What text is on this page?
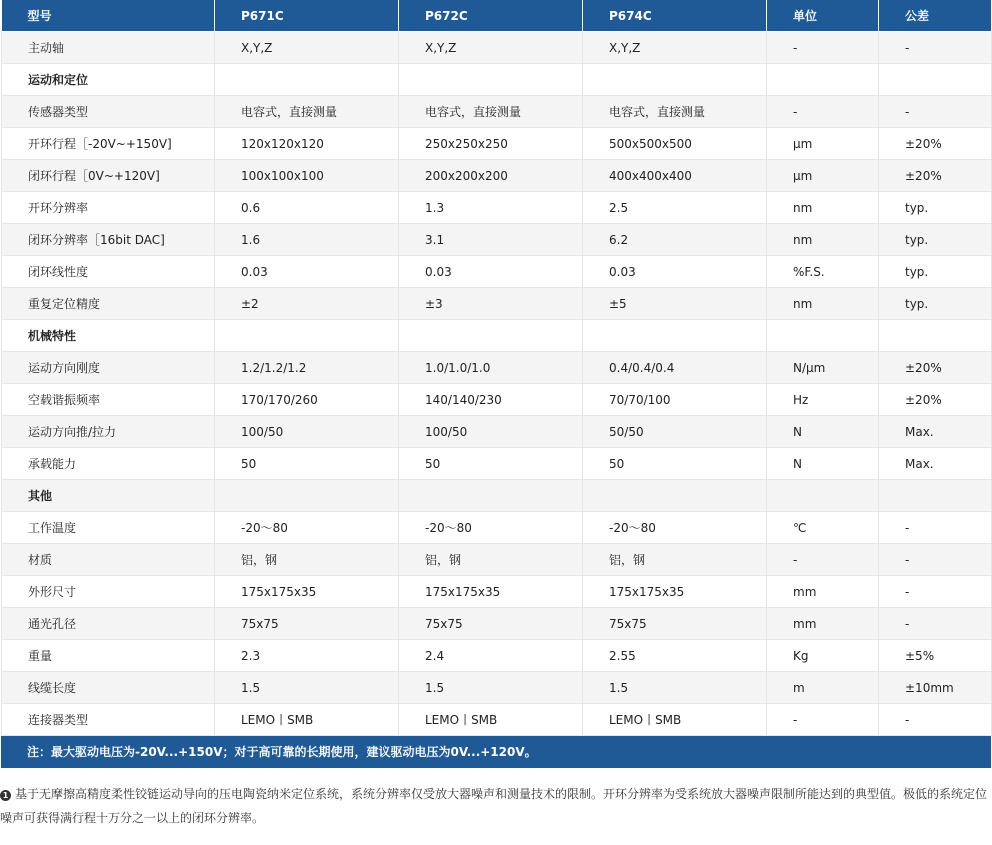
型号	P671C	P672C	P674C	单位	公差
主动轴	X,Y,Z	X,Y,Z	X,Y,Z	-	-
运动和定位					
传感器类型	电容式，直接测量	电容式，直接测量	电容式，直接测量	-	-
开环行程［-20V~+150V]	120x120x120	250x250x250	500x500x500	μm	±20%
闭环行程［0V~+120V]	100x100x100	200x200x200	400x400x400	μm	±20%
开环分辨率	0.6	1.3	2.5	nm	typ.
闭环分辨率［16bit DAC]	1.6	3.1	6.2	nm	typ.
闭环线性度	0.03	0.03	0.03	%F.S.	typ.
重复定位精度	±2	±3	±5	nm	typ.
机械特性					
运动方向刚度	1.2/1.2/1.2	1.0/1.0/1.0	0.4/0.4/0.4	N/μm	±20%
空载谐振频率	170/170/260	140/140/230	70/70/100	Hz	±20%
运动方向推/拉力	100/50	100/50	50/50	N	Max.
承载能力	50	50	50	N	Max.
其他					
工作温度	-20～80	-20～80	-20～80	℃	-
材质	铝，钢	铝，钢	铝，钢	-	-
外形尺寸	175x175x35	175x175x35	175x175x35	mm	-
通光孔径	75x75	75x75	75x75	mm	-
重量	2.3	2.4	2.55	Kg	±5%
线缆长度	1.5	1.5	1.5	m	±10mm
连接器类型	LEMO丨SMB	LEMO丨SMB	LEMO丨SMB	-	-
注：最大驱动电压为-20V...+150V；对于高可靠的长期使用，建议驱动电压为0V...+120V。
1 基于无摩擦高精度柔性铰链运动导向的压电陶瓷纳米定位系统，系统分辨率仅受放大器噪声和测量技术的限制。开环分辨率为受系统放大器噪声限制所能达到的典型值。极低的系统定位噪声可获得满行程十万分之一以上的闭环分辨率。
